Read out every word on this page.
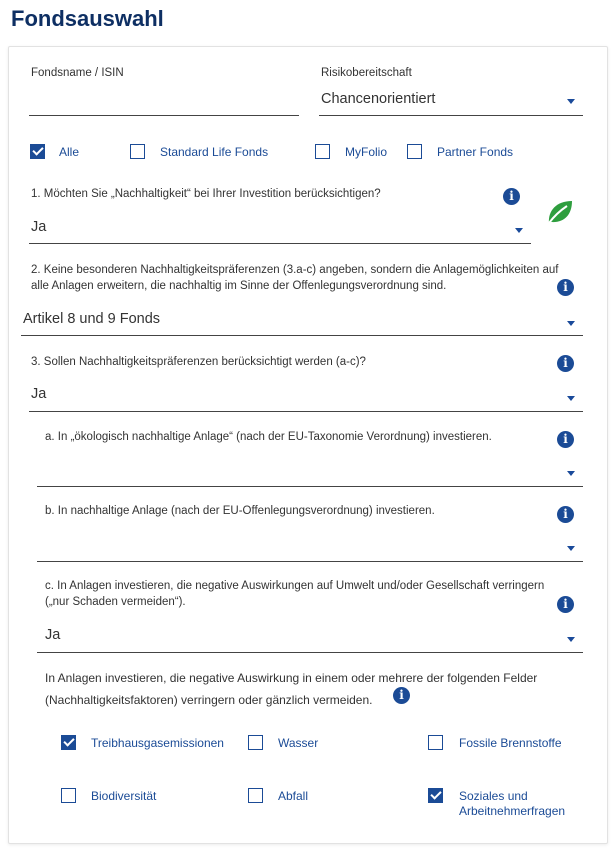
Fondsauswahl
Fondsname / ISIN	Risikobereitschaft
Chancenorientiert
Alle	Standard Life Fonds	MyFolio	Partner Fonds
1. Möchten Sie „Nachhaltigkeit“ bei Ihrer Investition berücksichtigen?	i
Ja
2. Keine besonderen Nachhaltigkeitspräferenzen (3.a-c) angeben, sondern die Anlagemöglichkeiten auf
alle Anlagen erweitern, die nachhaltig im Sinne der Offenlegungsverordnung sind.	i
Artikel 8 und 9 Fonds
3. Sollen Nachhaltigkeitspräferenzen berücksichtigt werden (a-c)?	i
Ja
a. In „ökologisch nachhaltige Anlage“ (nach der EU-Taxonomie Verordnung) investieren.	i
b. In nachhaltige Anlage (nach der EU-Offenlegungsverordnung) investieren.	i
c. In Anlagen investieren, die negative Auswirkungen auf Umwelt und/oder Gesellschaft verringern
(„nur Schaden vermeiden“).	i
Ja
In Anlagen investieren, die negative Auswirkung in einem oder mehrere der folgenden Felder
(Nachhaltigkeitsfaktoren) verringern oder gänzlich vermeiden.	i
Treibhausgasemissionen	Wasser	Fossile Brennstoffe
Biodiversität	Abfall	Soziales und
Arbeitnehmerfragen
